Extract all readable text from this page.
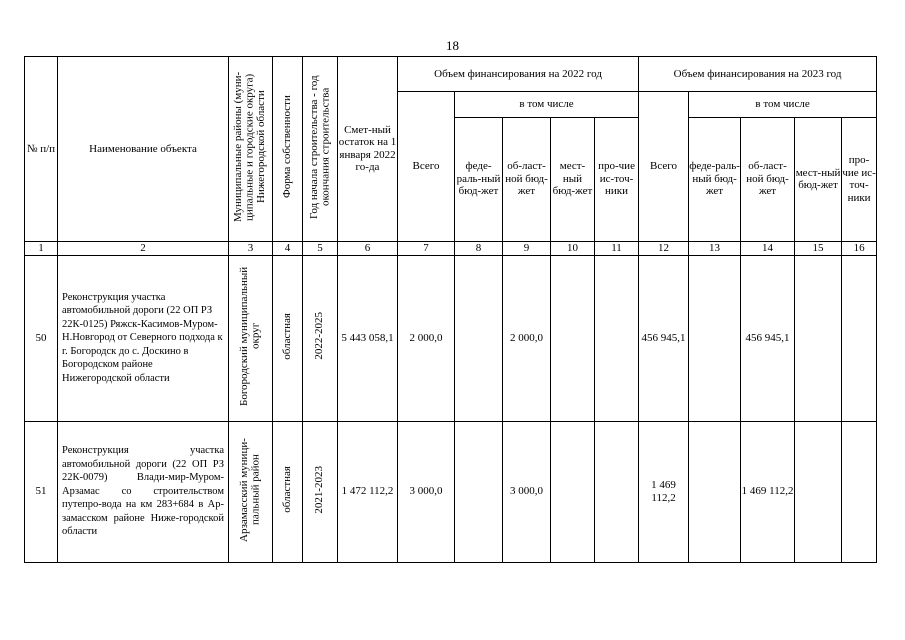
18
№ п/п	Наименование объекта	Муниципальные районы (муни-ципальные и городские округа) Нижегородской области	Форма собственности	Год начала строительства - год окончания строительства	Смет-ный остаток на 1 января 2022 го-да	Объем финансирования на 2022 год					Объем финансирования на 2023 год				
						Всего	в том числе				Всего	в том числе			
							феде-раль-ный бюд-жет	об-ласт-ной бюд-жет	мест-ный бюд-жет	про-чие ис-точ-ники		феде-раль-ный бюд-жет	об-ласт-ной бюд-жет	мест-ный бюд-жет	про-чие ис-точ-ники
1	2	3	4	5	6	7	8	9	10	11	12	13	14	15	16
50	Реконструкция участка автомобильной дороги (22 ОП РЗ 22К-0125) Ряжск-Касимов-Муром-Н.Новгород от Северного подхода к г. Богородск до с. Доскино в Богородском районе Нижегородской области	Богородский муниципальный округ	областная	2022-2025	5 443 058,1	2 000,0		2 000,0			456 945,1		456 945,1		
51	Реконструкция участка автомобильной дороги (22 ОП РЗ 22К-0079) Влади-мир-Муром-Арзамас со строительством путепро-вода на км 283+684 в Ар-замасском районе Ниже-городской области	Арзамасский муници-пальный район	областная	2021-2023	1 472 112,2	3 000,0		3 000,0			1 469 112,2		1 469 112,2		
